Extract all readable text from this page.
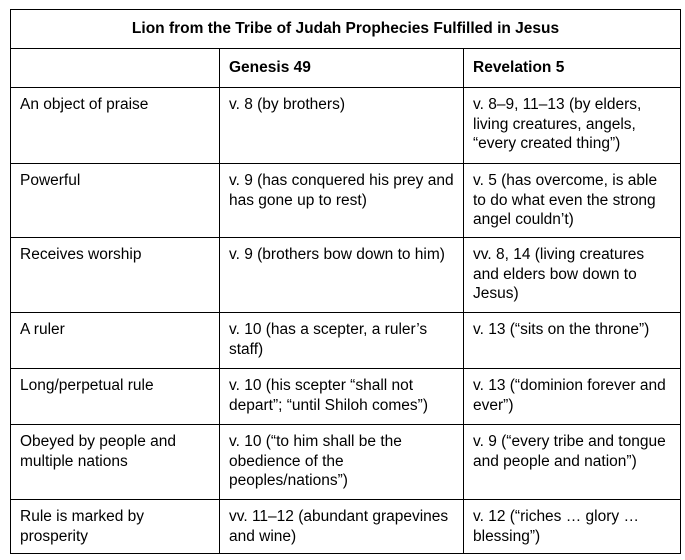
Lion from the Tribe of Judah Prophecies Fulfilled in Jesus		
	Genesis 49	Revelation 5
An object of praise	v. 8 (by brothers)	v. 8–9, 11–13 (by elders, living creatures, angels, “every created thing”)
Powerful	v. 9 (has conquered his prey and has gone up to rest)	v. 5 (has overcome, is able to do what even the strong angel couldn’t)
Receives worship	v. 9 (brothers bow down to him)	vv. 8, 14 (living creatures and elders bow down to Jesus)
A ruler	v. 10 (has a scepter, a ruler’s staff)	v. 13 (“sits on the throne”)
Long/perpetual rule	v. 10 (his scepter “shall not depart”; “until Shiloh comes”)	v. 13 (“dominion forever and ever”)
Obeyed by people and multiple nations	v. 10 (“to him shall be the obedience of the peoples/nations”)	v. 9 (“every tribe and tongue and people and nation”)
Rule is marked by prosperity	vv. 11–12 (abundant grapevines and wine)	v. 12 (“riches … glory … blessing”)
